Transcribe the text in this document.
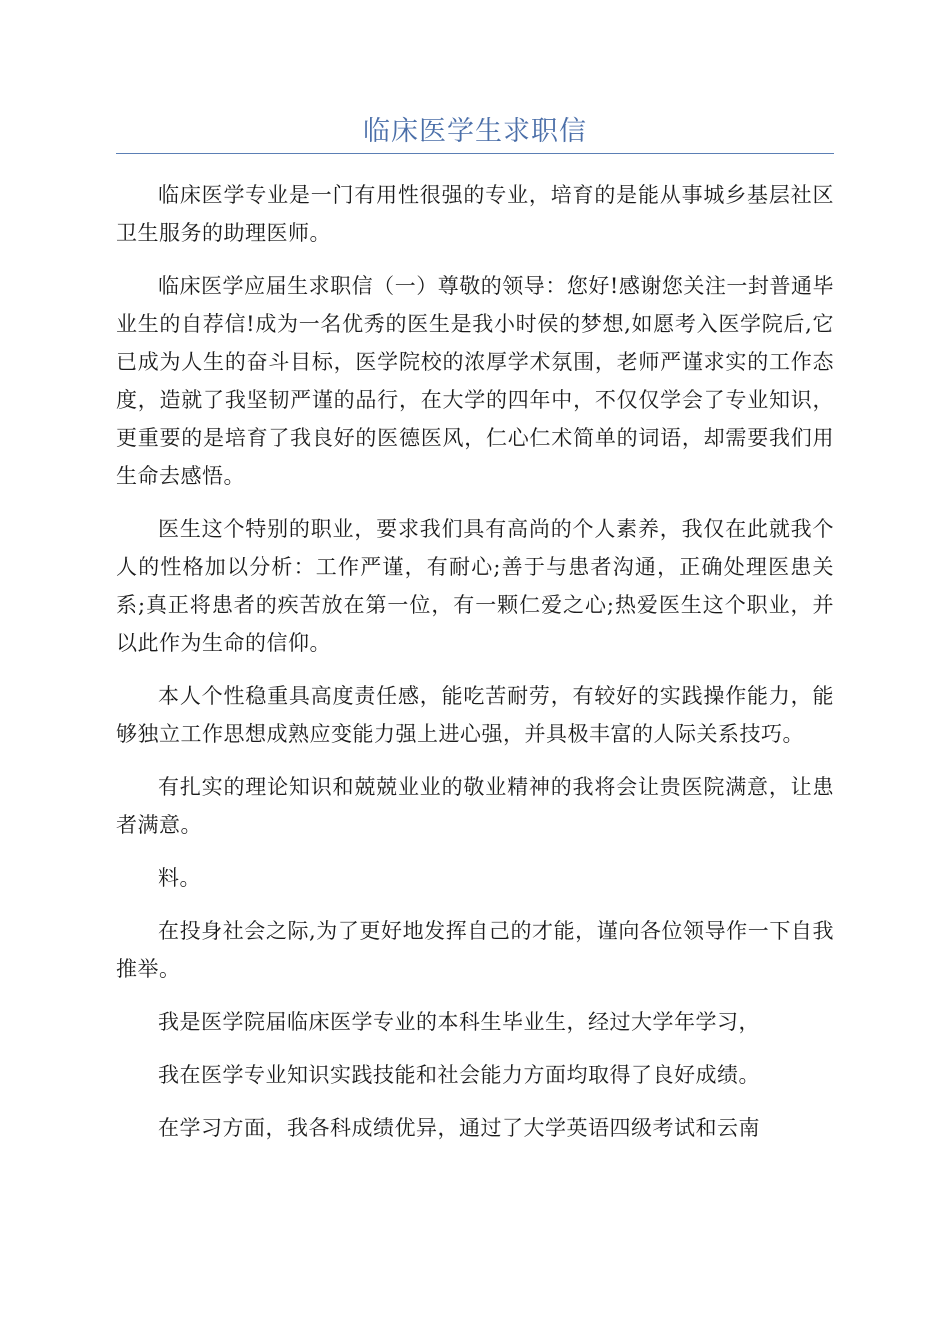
临床医学生求职信

临床医学专业是一门有用性很强的专业，培育的是能从事城乡基层社区卫生服务的助理医师。

临床医学应届生求职信（一）尊敬的领导：您好!感谢您关注一封普通毕业生的自荐信!成为一名优秀的医生是我小时侯的梦想,如愿考入医学院后,它已成为人生的奋斗目标，医学院校的浓厚学术氛围，老师严谨求实的工作态度，造就了我坚韧严谨的品行，在大学的四年中，不仅仅学会了专业知识，更重要的是培育了我良好的医德医风，仁心仁术简单的词语，却需要我们用生命去感悟。

医生这个特别的职业，要求我们具有高尚的个人素养，我仅在此就我个人的性格加以分析：工作严谨，有耐心;善于与患者沟通，正确处理医患关系;真正将患者的疾苦放在第一位，有一颗仁爱之心;热爱医生这个职业，并以此作为生命的信仰。

本人个性稳重具高度责任感，能吃苦耐劳，有较好的实践操作能力，能够独立工作思想成熟应变能力强上进心强，并具极丰富的人际关系技巧。

有扎实的理论知识和兢兢业业的敬业精神的我将会让贵医院满意，让患者满意。

料。

在投身社会之际,为了更好地发挥自己的才能，谨向各位领导作一下自我推举。

我是医学院届临床医学专业的本科生毕业生，经过大学年学习，

我在医学专业知识实践技能和社会能力方面均取得了良好成绩。

在学习方面，我各科成绩优异，通过了大学英语四级考试和云南
